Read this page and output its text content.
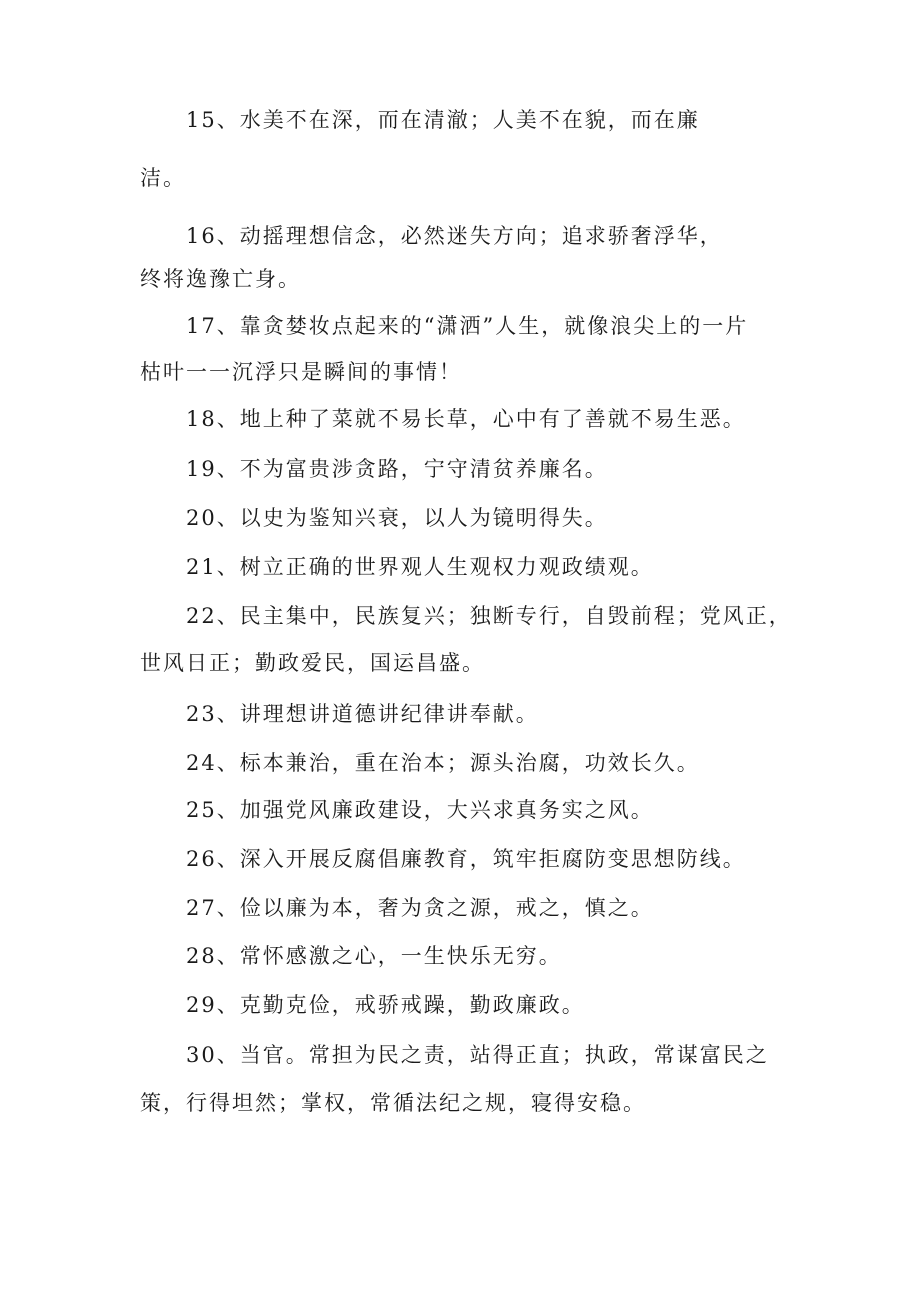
15、水美不在深，而在清澈；人美不在貌，而在廉
洁。
16、动摇理想信念，必然迷失方向；追求骄奢浮华，
终将逸豫亡身。
17、靠贪婪妆点起来的“潇洒”人生，就像浪尖上的一片
枯叶一一沉浮只是瞬间的事情！
18、地上种了菜就不易长草，心中有了善就不易生恶。
19、不为富贵涉贪路，宁守清贫养廉名。
20、以史为鉴知兴衰，以人为镜明得失。
21、树立正确的世界观人生观权力观政绩观。
22、民主集中，民族复兴；独断专行，自毁前程；党风正，
世风日正；勤政爱民，国运昌盛。
23、讲理想讲道德讲纪律讲奉献。
24、标本兼治，重在治本；源头治腐，功效长久。
25、加强党风廉政建设，大兴求真务实之风。
26、深入开展反腐倡廉教育，筑牢拒腐防变思想防线。
27、俭以廉为本，奢为贪之源，戒之，慎之。
28、常怀感激之心，一生快乐无穷。
29、克勤克俭，戒骄戒躁，勤政廉政。
30、当官。常担为民之责，站得正直；执政，常谋富民之
策，行得坦然；掌权，常循法纪之规，寝得安稳。
